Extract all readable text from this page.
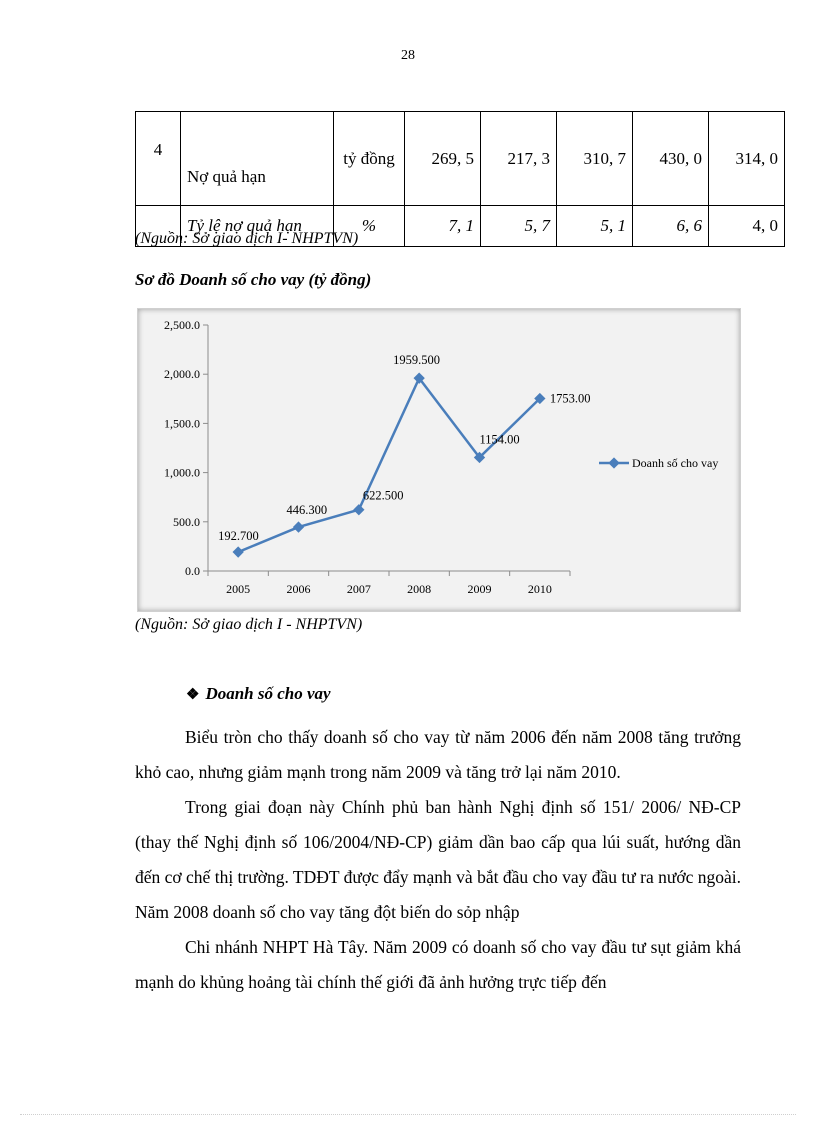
28
4	Nợ quả hạn	tỷ đồng	269, 5	217, 3	310, 7	430, 0	314, 0
	Tỷ lệ nợ quả hạn	%	7, 1	5, 7	5, 1	6, 6	4, 0
(Nguồn: Sở giao dịch I- NHPTVN)
Sơ đồ Doanh số cho vay (tỷ đồng)
0.0
500.0
1,000.0
1,500.0
2,000.0
2,500.0
2005	2006	2007	2008	2009	2010
192.700
446.300
622.500
1959.500
1154.00
1753.00
Doanh số cho vay
(Nguồn: Sở giao dịch I - NHPTVN)
❖ Doanh số cho vay

Biểu tròn cho thấy doanh số cho vay từ năm 2006 đến năm 2008 tăng trưởng khỏ cao, nhưng giảm mạnh trong năm 2009 và tăng trở lại năm 2010.

Trong giai đoạn này Chính phủ ban hành Nghị định số 151/ 2006/ NĐ-CP (thay thế Nghị định số 106/2004/NĐ-CP) giảm dần bao cấp qua lúi suất, hướng dần đến cơ chế thị trường. TDĐT được đẩy mạnh và bắt đầu cho vay đầu tư ra nước ngoài. Năm 2008 doanh số cho vay tăng đột biến do sỏp nhập

Chi nhánh NHPT Hà Tây. Năm 2009 có doanh số cho vay đầu tư sụt giảm khá mạnh do khủng hoảng tài chính thế giới đã ảnh hưởng trực tiếp đến
